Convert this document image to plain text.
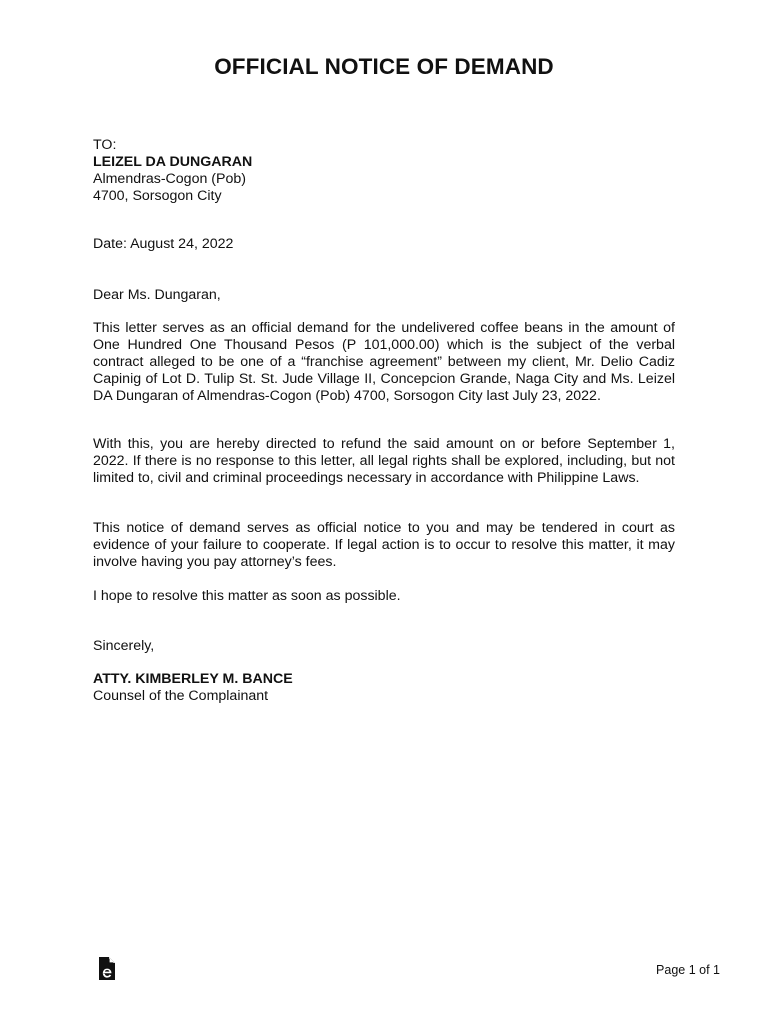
OFFICIAL NOTICE OF DEMAND
TO:
LEIZEL DA DUNGARAN
Almendras-Cogon (Pob)
4700, Sorsogon City
Date: August 24, 2022
Dear Ms. Dungaran,

This letter serves as an official demand for the undelivered coffee beans in the amount of One Hundred One Thousand Pesos (P 101,000.00) which is the subject of the verbal contract alleged to be one of a “franchise agreement” between my client, Mr. Delio Cadiz Capinig of Lot D. Tulip St. St. Jude Village II, Concepcion Grande, Naga City and Ms. Leizel DA Dungaran of Almendras-Cogon (Pob) 4700, Sorsogon City last July 23, 2022.

With this, you are hereby directed to refund the said amount on or before September 1, 2022. If there is no response to this letter, all legal rights shall be explored, including, but not limited to, civil and criminal proceedings necessary in accordance with Philippine Laws.

This notice of demand serves as official notice to you and may be tendered in court as evidence of your failure to cooperate. If legal action is to occur to resolve this matter, it may involve having you pay attorney’s fees.

I hope to resolve this matter as soon as possible.

Sincerely,
ATTY. KIMBERLEY M. BANCE
Counsel of the Complainant
Page 1 of 1
